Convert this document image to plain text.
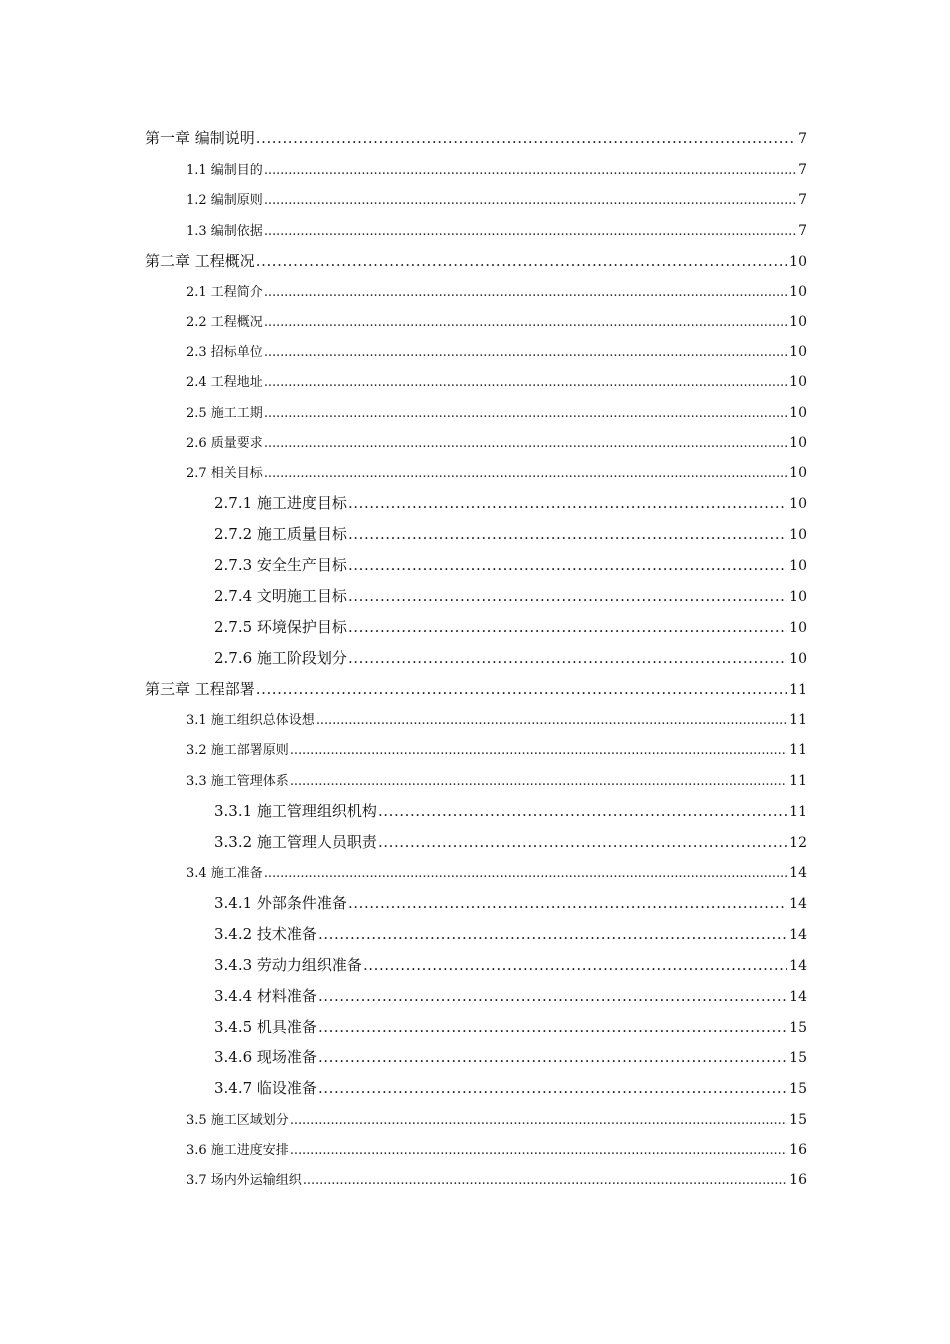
第一章 编制说明 . . .	7
1.1 编制目的 . . .	7
1.2 编制原则 . . .	7
1.3 编制依据 . . .	7
第二章 工程概况 . . .	10
2.1 工程简介 . . .	10
2.2 工程概况 . . .	10
2.3 招标单位 . . .	10
2.4 工程地址 . . .	10
2.5 施工工期 . . .	10
2.6 质量要求 . . .	10
2.7 相关目标 . . .	10
2.7.1 施工进度目标 . . .	10
2.7.2 施工质量目标 . . .	10
2.7.3 安全生产目标 . . .	10
2.7.4 文明施工目标 . . .	10
2.7.5 环境保护目标 . . .	10
2.7.6 施工阶段划分 . . .	10
第三章 工程部署 . . .	11
3.1 施工组织总体设想 . . .	11
3.2 施工部署原则 . . .	11
3.3 施工管理体系 . . .	11
3.3.1 施工管理组织机构 . . .	11
3.3.2 施工管理人员职责 . . .	12
3.4 施工准备 . . .	14
3.4.1 外部条件准备 . . .	14
3.4.2 技术准备 . . .	14
3.4.3 劳动力组织准备 . . .	14
3.4.4 材料准备 . . .	14
3.4.5 机具准备 . . .	15
3.4.6 现场准备 . . .	15
3.4.7 临设准备 . . .	15
3.5 施工区域划分 . . .	15
3.6 施工进度安排 . . .	16
3.7 场内外运输组织 . . .	16
